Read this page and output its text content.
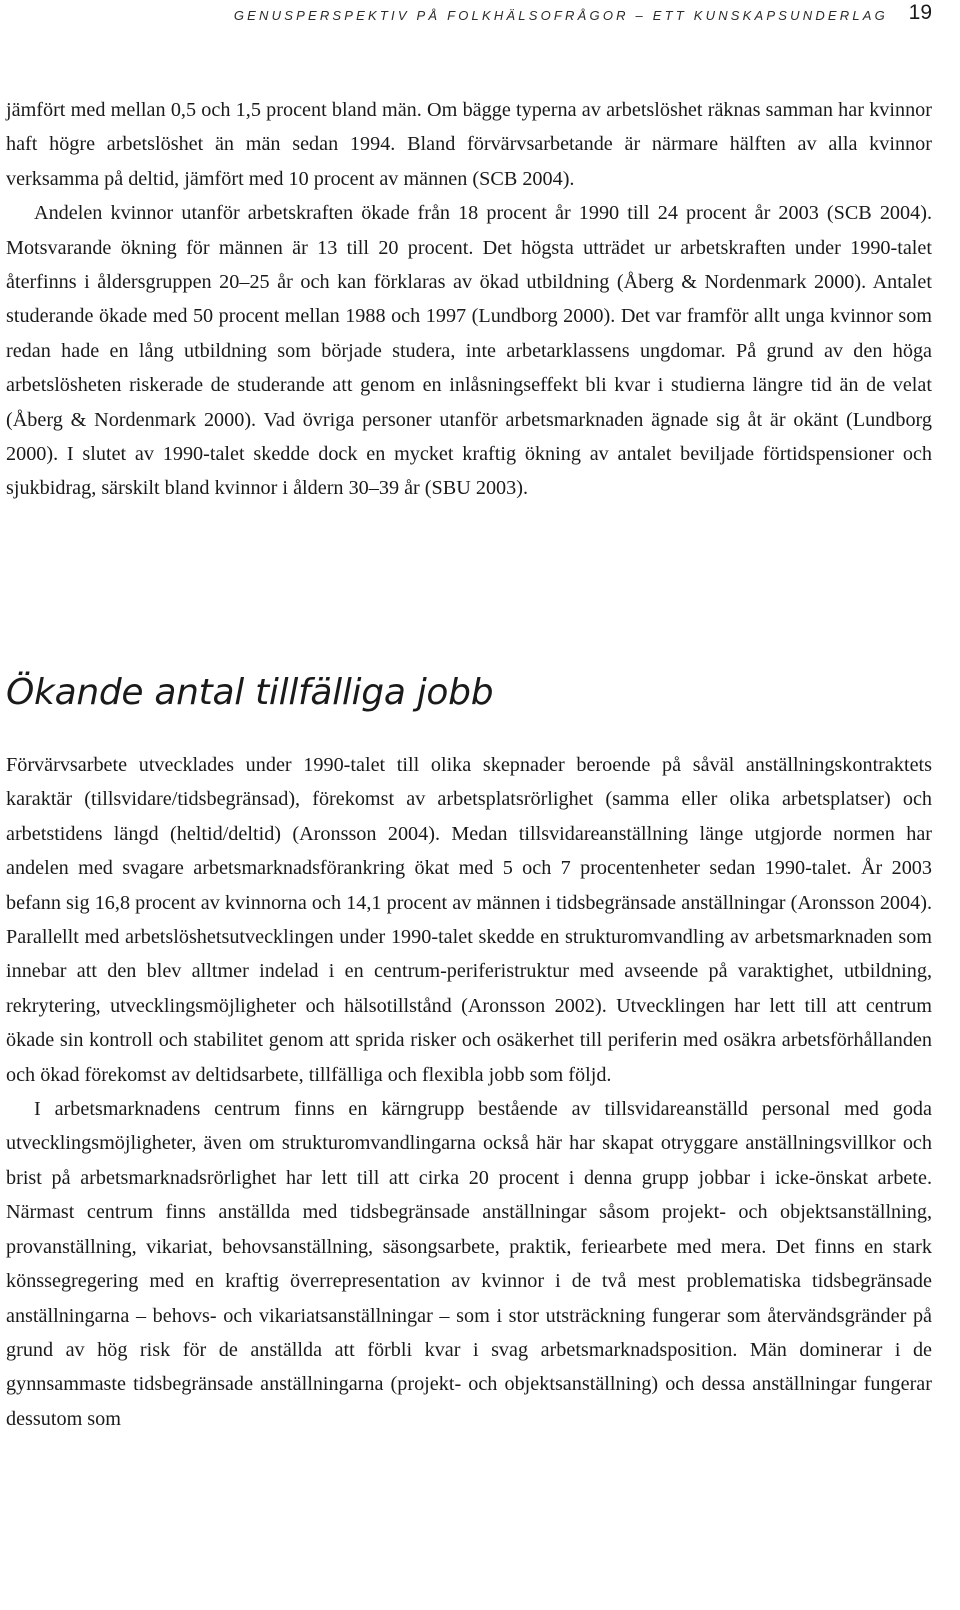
GENUSPERSPEKTIV PÅ FOLKHÄLSOFRÅGOR – ETT KUNSKAPSUNDERLAG 19

jämfört med mellan 0,5 och 1,5 procent bland män. Om bägge typerna av arbetslöshet räknas samman har kvinnor haft högre arbetslöshet än män sedan 1994. Bland förvärvsarbetande är närmare hälften av alla kvinnor verksamma på deltid, jämfört med 10 procent av männen (SCB 2004).

Andelen kvinnor utanför arbetskraften ökade från 18 procent år 1990 till 24 procent år 2003 (SCB 2004). Motsvarande ökning för männen är 13 till 20 procent. Det högsta utträdet ur arbetskraften under 1990-talet återfinns i åldersgruppen 20–25 år och kan förklaras av ökad utbildning (Åberg & Nordenmark 2000). Antalet studerande ökade med 50 procent mellan 1988 och 1997 (Lundborg 2000). Det var framför allt unga kvinnor som redan hade en lång utbildning som började studera, inte arbetarklassens ungdomar. På grund av den höga arbetslösheten riskerade de studerande att genom en inlåsningseffekt bli kvar i studierna längre tid än de velat (Åberg & Nordenmark 2000). Vad övriga personer utanför arbetsmarknaden ägnade sig åt är okänt (Lundborg 2000). I slutet av 1990-talet skedde dock en mycket kraftig ökning av antalet beviljade förtidspensioner och sjukbidrag, särskilt bland kvinnor i åldern 30–39 år (SBU 2003).

Ökande antal tillfälliga jobb

Förvärvsarbete utvecklades under 1990-talet till olika skepnader beroende på såväl anställningskontraktets karaktär (tillsvidare/tidsbegränsad), förekomst av arbetsplatsrörlighet (samma eller olika arbetsplatser) och arbetstidens längd (heltid/deltid) (Aronsson 2004). Medan tillsvidareanställning länge utgjorde normen har andelen med svagare arbetsmarknadsförankring ökat med 5 och 7 procentenheter sedan 1990-talet. År 2003 befann sig 16,8 procent av kvinnorna och 14,1 procent av männen i tidsbegränsade anställningar (Aronsson 2004). Parallellt med arbetslöshetsutvecklingen under 1990-talet skedde en strukturomvandling av arbetsmarknaden som innebar att den blev alltmer indelad i en centrum-periferistruktur med avseende på varaktighet, utbildning, rekrytering, utvecklingsmöjligheter och hälsotillstånd (Aronsson 2002). Utvecklingen har lett till att centrum ökade sin kontroll och stabilitet genom att sprida risker och osäkerhet till periferin med osäkra arbetsförhållanden och ökad förekomst av deltidsarbete, tillfälliga och flexibla jobb som följd.

I arbetsmarknadens centrum finns en kärngrupp bestående av tillsvidareanställd personal med goda utvecklingsmöjligheter, även om strukturomvandlingarna också här har skapat otryggare anställningsvillkor och brist på arbetsmarknadsrörlighet har lett till att cirka 20 procent i denna grupp jobbar i icke-önskat arbete. Närmast centrum finns anställda med tidsbegränsade anställningar såsom projekt- och objektsanställning, provanställning, vikariat, behovsanställning, säsongsarbete, praktik, feriearbete med mera. Det finns en stark könssegregering med en kraftig överrepresentation av kvinnor i de två mest problematiska tidsbegränsade anställningarna – behovs- och vikariatsanställningar – som i stor utsträckning fungerar som återvändsgränder på grund av hög risk för de anställda att förbli kvar i svag arbetsmarknadsposition. Män dominerar i de gynnsammaste tidsbegränsade anställningarna (projekt- och objektsanställning) och dessa anställningar fungerar dessutom som
